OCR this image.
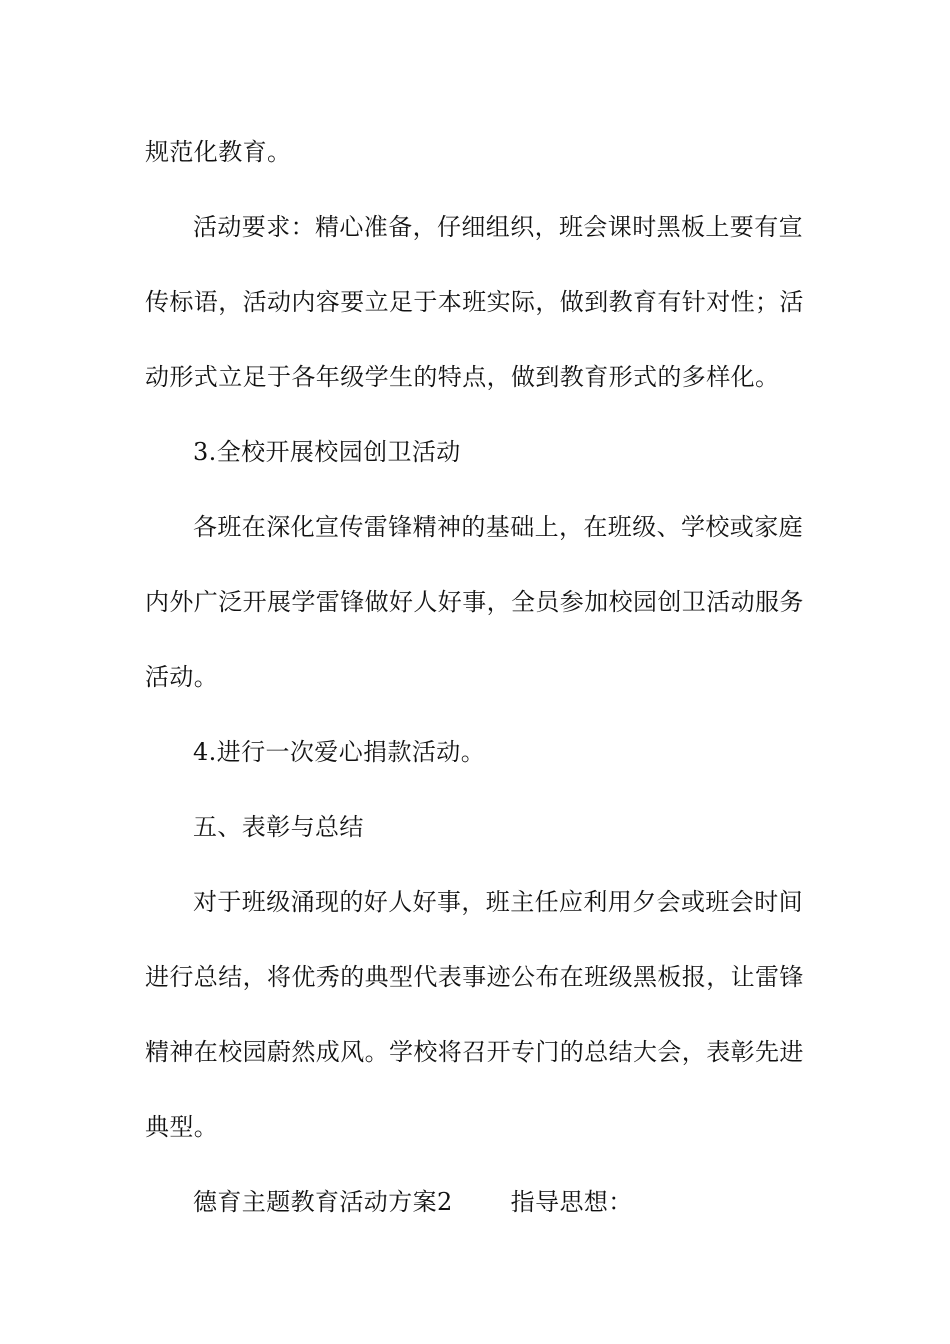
规范化教育。
活动要求：精心准备，仔细组织，班会课时黑板上要有宣
传标语，活动内容要立足于本班实际，做到教育有针对性；活
动形式立足于各年级学生的特点，做到教育形式的多样化。
3.全校开展校园创卫活动
各班在深化宣传雷锋精神的基础上，在班级、学校或家庭
内外广泛开展学雷锋做好人好事，全员参加校园创卫活动服务
活动。
4.进行一次爱心捐款活动。
五、表彰与总结
对于班级涌现的好人好事，班主任应利用夕会或班会时间
进行总结，将优秀的典型代表事迹公布在班级黑板报，让雷锋
精神在校园蔚然成风。学校将召开专门的总结大会，表彰先进
典型。
德育主题教育活动方案2 指导思想：
